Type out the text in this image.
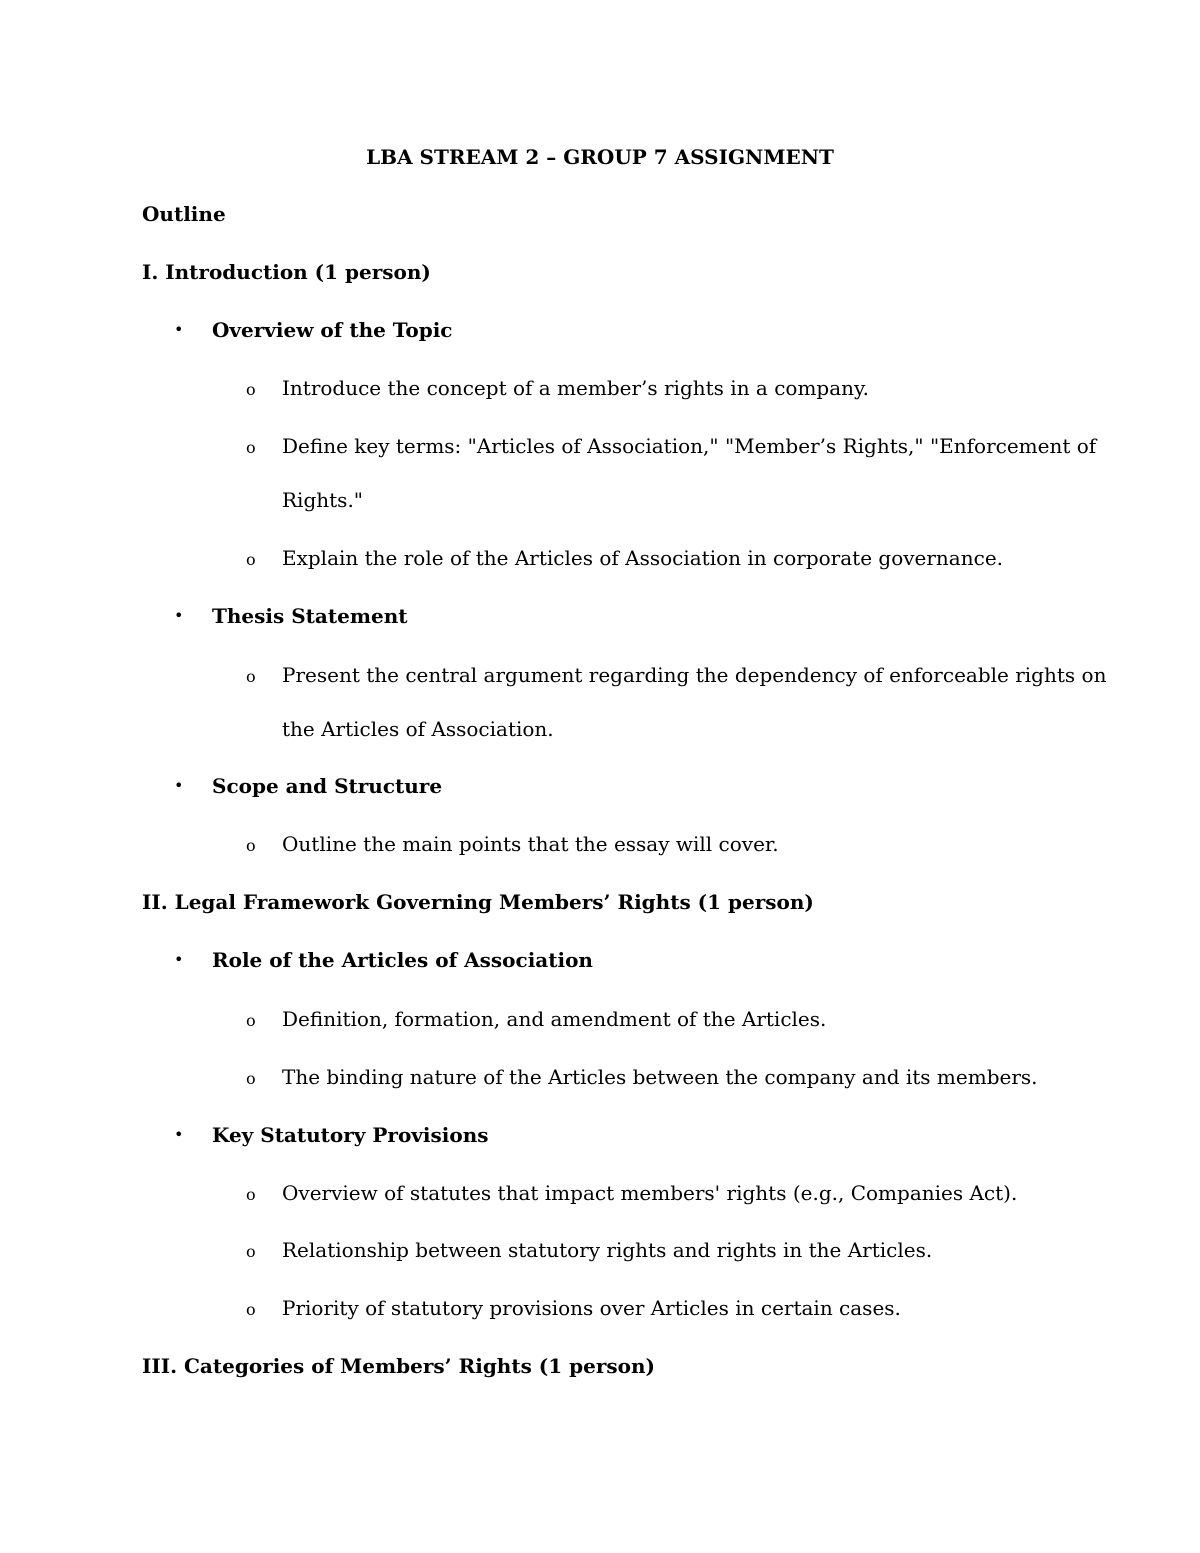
LBA STREAM 2 – GROUP 7 ASSIGNMENT
Outline
I. Introduction (1 person)
• Overview of the Topic
o Introduce the concept of a member’s rights in a company.
o Define key terms: "Articles of Association," "Member’s Rights," "Enforcement of
Rights."
o Explain the role of the Articles of Association in corporate governance.
• Thesis Statement
o Present the central argument regarding the dependency of enforceable rights on
the Articles of Association.
• Scope and Structure
o Outline the main points that the essay will cover.
II. Legal Framework Governing Members’ Rights (1 person)
• Role of the Articles of Association
o Definition, formation, and amendment of the Articles.
o The binding nature of the Articles between the company and its members.
• Key Statutory Provisions
o Overview of statutes that impact members' rights (e.g., Companies Act).
o Relationship between statutory rights and rights in the Articles.
o Priority of statutory provisions over Articles in certain cases.
III. Categories of Members’ Rights (1 person)
